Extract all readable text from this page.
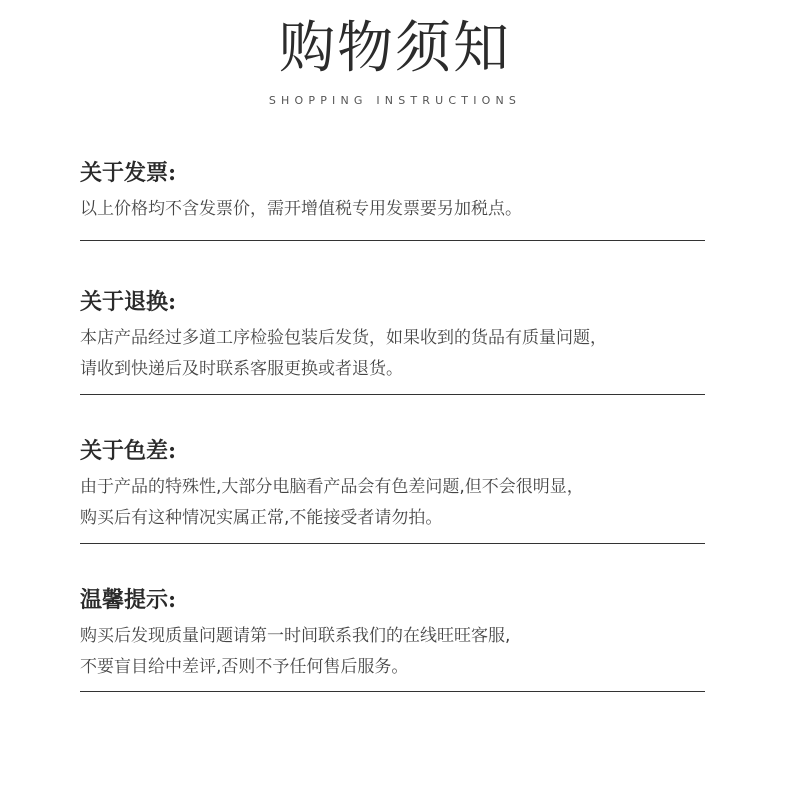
购物须知
SHOPPING INSTRUCTIONS
关于发票:

以上价格均不含发票价，需开增值税专用发票要另加税点。

关于退换:

本店产品经过多道工序检验包装后发货，如果收到的货品有质量问题，

请收到快递后及时联系客服更换或者退货。

关于色差:

由于产品的特殊性,大部分电脑看产品会有色差问题,但不会很明显，

购买后有这种情况实属正常,不能接受者请勿拍。

温馨提示:

购买后发现质量问题请第一时间联系我们的在线旺旺客服,

不要盲目给中差评,否则不予任何售后服务。
